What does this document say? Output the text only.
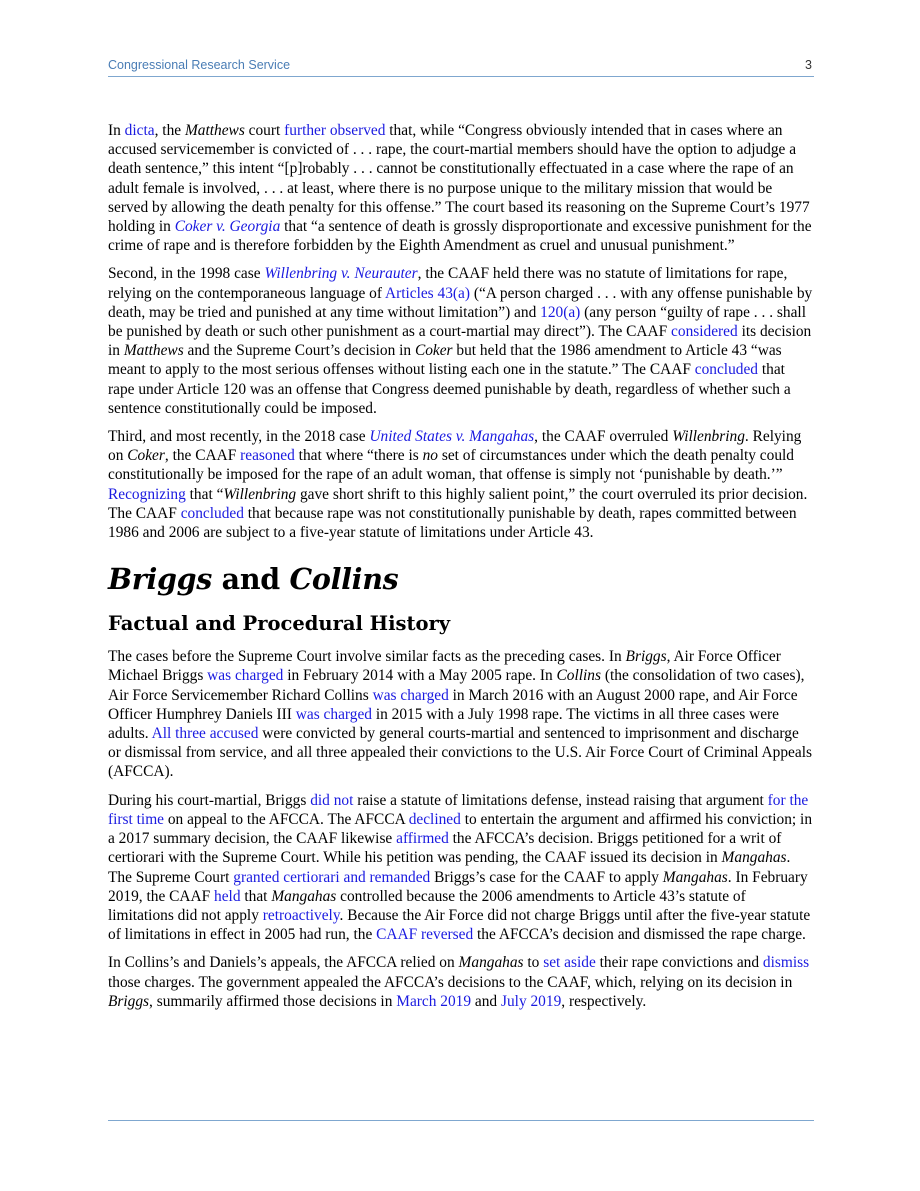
Congressional Research Service	3

In dicta, the Matthews court further observed that, while “Congress obviously intended that in cases where an accused servicemember is convicted of . . . rape, the court-martial members should have the option to adjudge a death sentence,” this intent “[p]robably . . . cannot be constitutionally effectuated in a case where the rape of an adult female is involved, . . . at least, where there is no purpose unique to the military mission that would be served by allowing the death penalty for this offense.” The court based its reasoning on the Supreme Court’s 1977 holding in Coker v. Georgia that “a sentence of death is grossly disproportionate and excessive punishment for the crime of rape and is therefore forbidden by the Eighth Amendment as cruel and unusual punishment.”

Second, in the 1998 case Willenbring v. Neurauter, the CAAF held there was no statute of limitations for rape, relying on the contemporaneous language of Articles 43(a) (“A person charged . . . with any offense punishable by death, may be tried and punished at any time without limitation”) and 120(a) (any person “guilty of rape . . . shall be punished by death or such other punishment as a court-martial may direct”). The CAAF considered its decision in Matthews and the Supreme Court’s decision in Coker but held that the 1986 amendment to Article 43 “was meant to apply to the most serious offenses without listing each one in the statute.” The CAAF concluded that rape under Article 120 was an offense that Congress deemed punishable by death, regardless of whether such a sentence constitutionally could be imposed.

Third, and most recently, in the 2018 case United States v. Mangahas, the CAAF overruled Willenbring. Relying on Coker, the CAAF reasoned that where “there is no set of circumstances under which the death penalty could constitutionally be imposed for the rape of an adult woman, that offense is simply not ‘punishable by death.’” Recognizing that “Willenbring gave short shrift to this highly salient point,” the court overruled its prior decision. The CAAF concluded that because rape was not constitutionally punishable by death, rapes committed between 1986 and 2006 are subject to a five-year statute of limitations under Article 43.

Briggs and Collins
Factual and Procedural History

The cases before the Supreme Court involve similar facts as the preceding cases. In Briggs, Air Force Officer Michael Briggs was charged in February 2014 with a May 2005 rape. In Collins (the consolidation of two cases), Air Force Servicemember Richard Collins was charged in March 2016 with an August 2000 rape, and Air Force Officer Humphrey Daniels III was charged in 2015 with a July 1998 rape. The victims in all three cases were adults. All three accused were convicted by general courts-martial and sentenced to imprisonment and discharge or dismissal from service, and all three appealed their convictions to the U.S. Air Force Court of Criminal Appeals (AFCCA).

During his court-martial, Briggs did not raise a statute of limitations defense, instead raising that argument for the first time on appeal to the AFCCA. The AFCCA declined to entertain the argument and affirmed his conviction; in a 2017 summary decision, the CAAF likewise affirmed the AFCCA’s decision. Briggs petitioned for a writ of certiorari with the Supreme Court. While his petition was pending, the CAAF issued its decision in Mangahas. The Supreme Court granted certiorari and remanded Briggs’s case for the CAAF to apply Mangahas. In February 2019, the CAAF held that Mangahas controlled because the 2006 amendments to Article 43’s statute of limitations did not apply retroactively. Because the Air Force did not charge Briggs until after the five-year statute of limitations in effect in 2005 had run, the CAAF reversed the AFCCA’s decision and dismissed the rape charge.

In Collins’s and Daniels’s appeals, the AFCCA relied on Mangahas to set aside their rape convictions and dismiss those charges. The government appealed the AFCCA’s decisions to the CAAF, which, relying on its decision in Briggs, summarily affirmed those decisions in March 2019 and July 2019, respectively.
